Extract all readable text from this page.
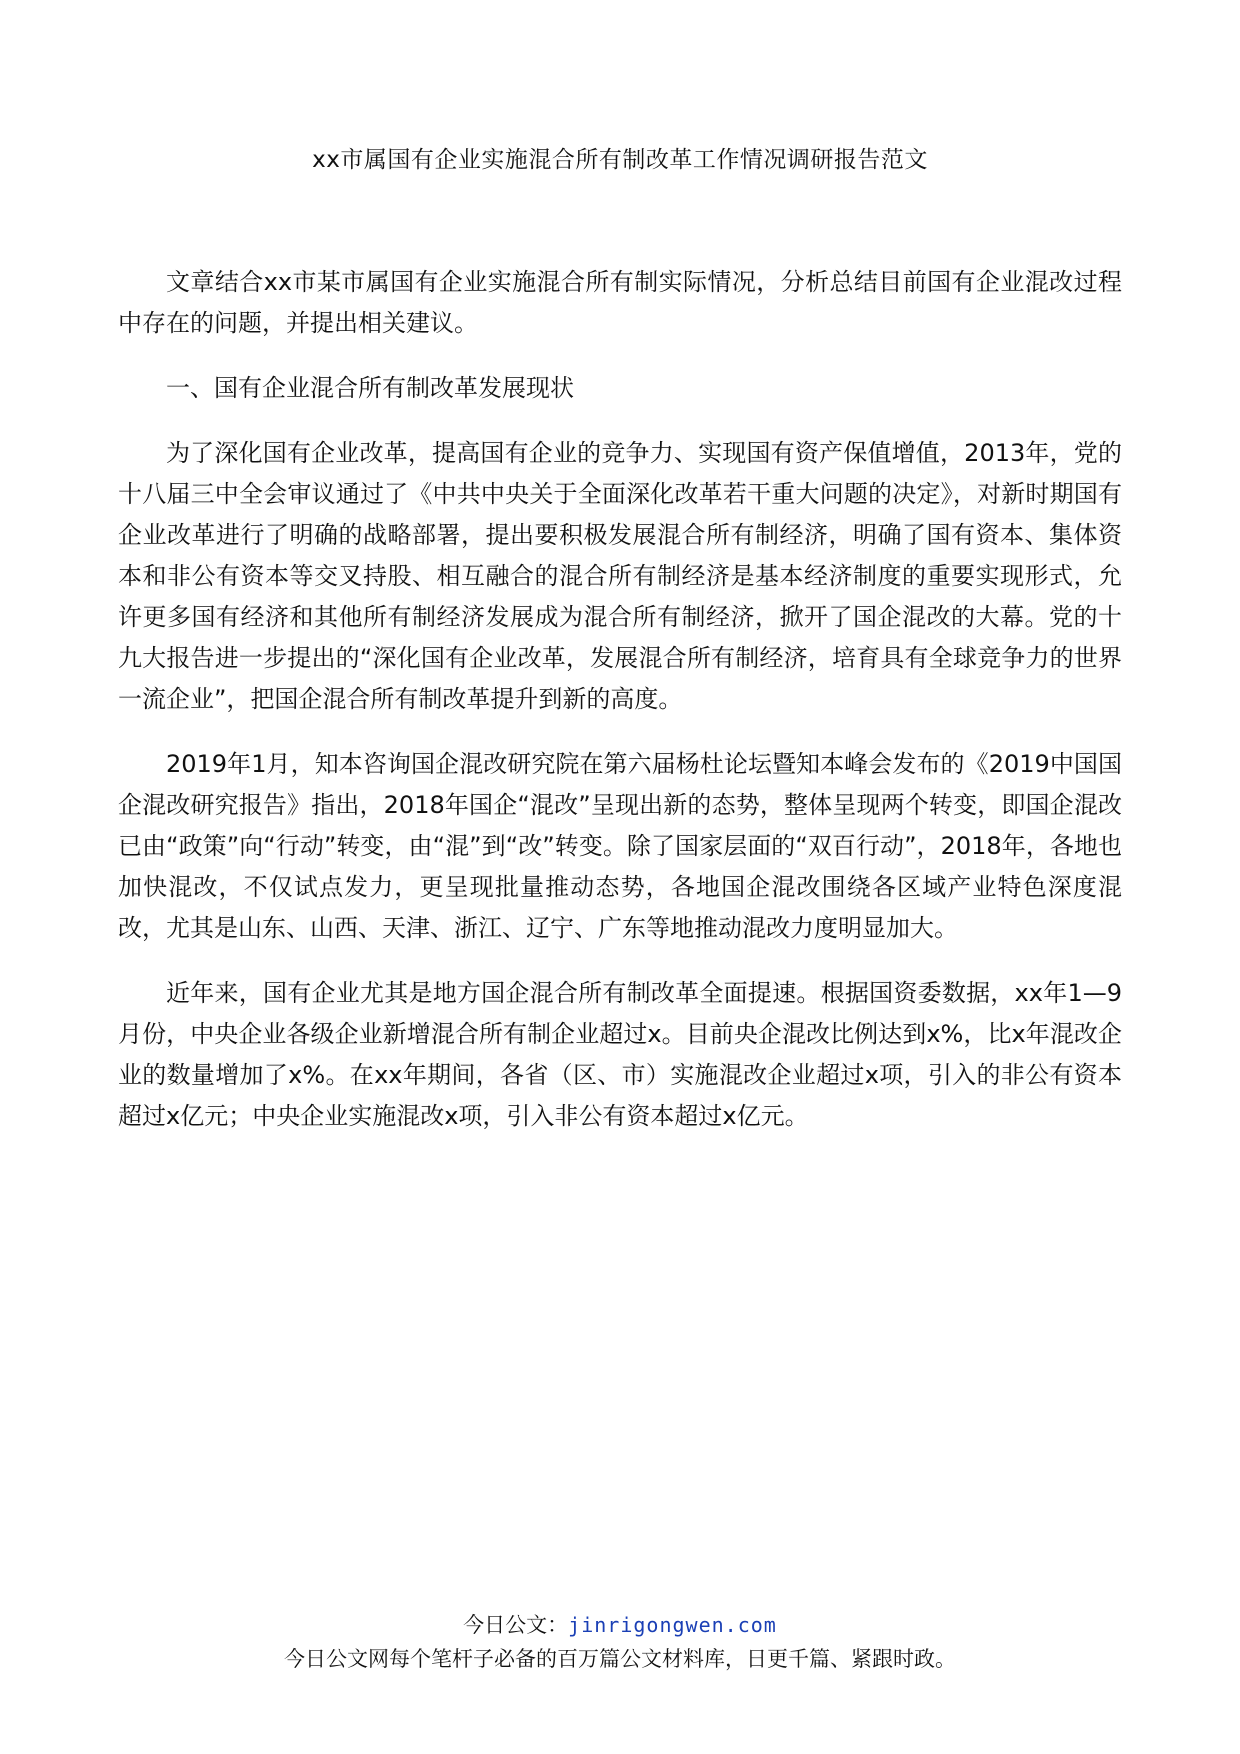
xx市属国有企业实施混合所有制改革工作情况调研报告范文

文章结合xx市某市属国有企业实施混合所有制实际情况，分析总结目前国有企业混改过程中存在的问题，并提出相关建议。

一、国有企业混合所有制改革发展现状

为了深化国有企业改革，提高国有企业的竞争力、实现国有资产保值增值，2013年，党的十八届三中全会审议通过了《中共中央关于全面深化改革若干重大问题的决定》，对新时期国有企业改革进行了明确的战略部署，提出要积极发展混合所有制经济，明确了国有资本、集体资本和非公有资本等交叉持股、相互融合的混合所有制经济是基本经济制度的重要实现形式，允许更多国有经济和其他所有制经济发展成为混合所有制经济，掀开了国企混改的大幕。党的十九大报告进一步提出的“深化国有企业改革，发展混合所有制经济，培育具有全球竞争力的世界一流企业”，把国企混合所有制改革提升到新的高度。

2019年1月，知本咨询国企混改研究院在第六届杨杜论坛暨知本峰会发布的《2019中国国企混改研究报告》指出，2018年国企“混改”呈现出新的态势，整体呈现两个转变，即国企混改已由“政策”向“行动”转变，由“混”到“改”转变。除了国家层面的“双百行动”，2018年，各地也加快混改，不仅试点发力，更呈现批量推动态势，各地国企混改围绕各区域产业特色深度混改，尤其是山东、山西、天津、浙江、辽宁、广东等地推动混改力度明显加大。

近年来，国有企业尤其是地方国企混合所有制改革全面提速。根据国资委数据，xx年1—9月份，中央企业各级企业新增混合所有制企业超过x。目前央企混改比例达到x%，比x年混改企业的数量增加了x%。在xx年期间，各省（区、市）实施混改企业超过x项，引入的非公有资本超过x亿元；中央企业实施混改x项，引入非公有资本超过x亿元。

今日公文：jinrigongwen.com
今日公文网每个笔杆子必备的百万篇公文材料库，日更千篇、紧跟时政。
